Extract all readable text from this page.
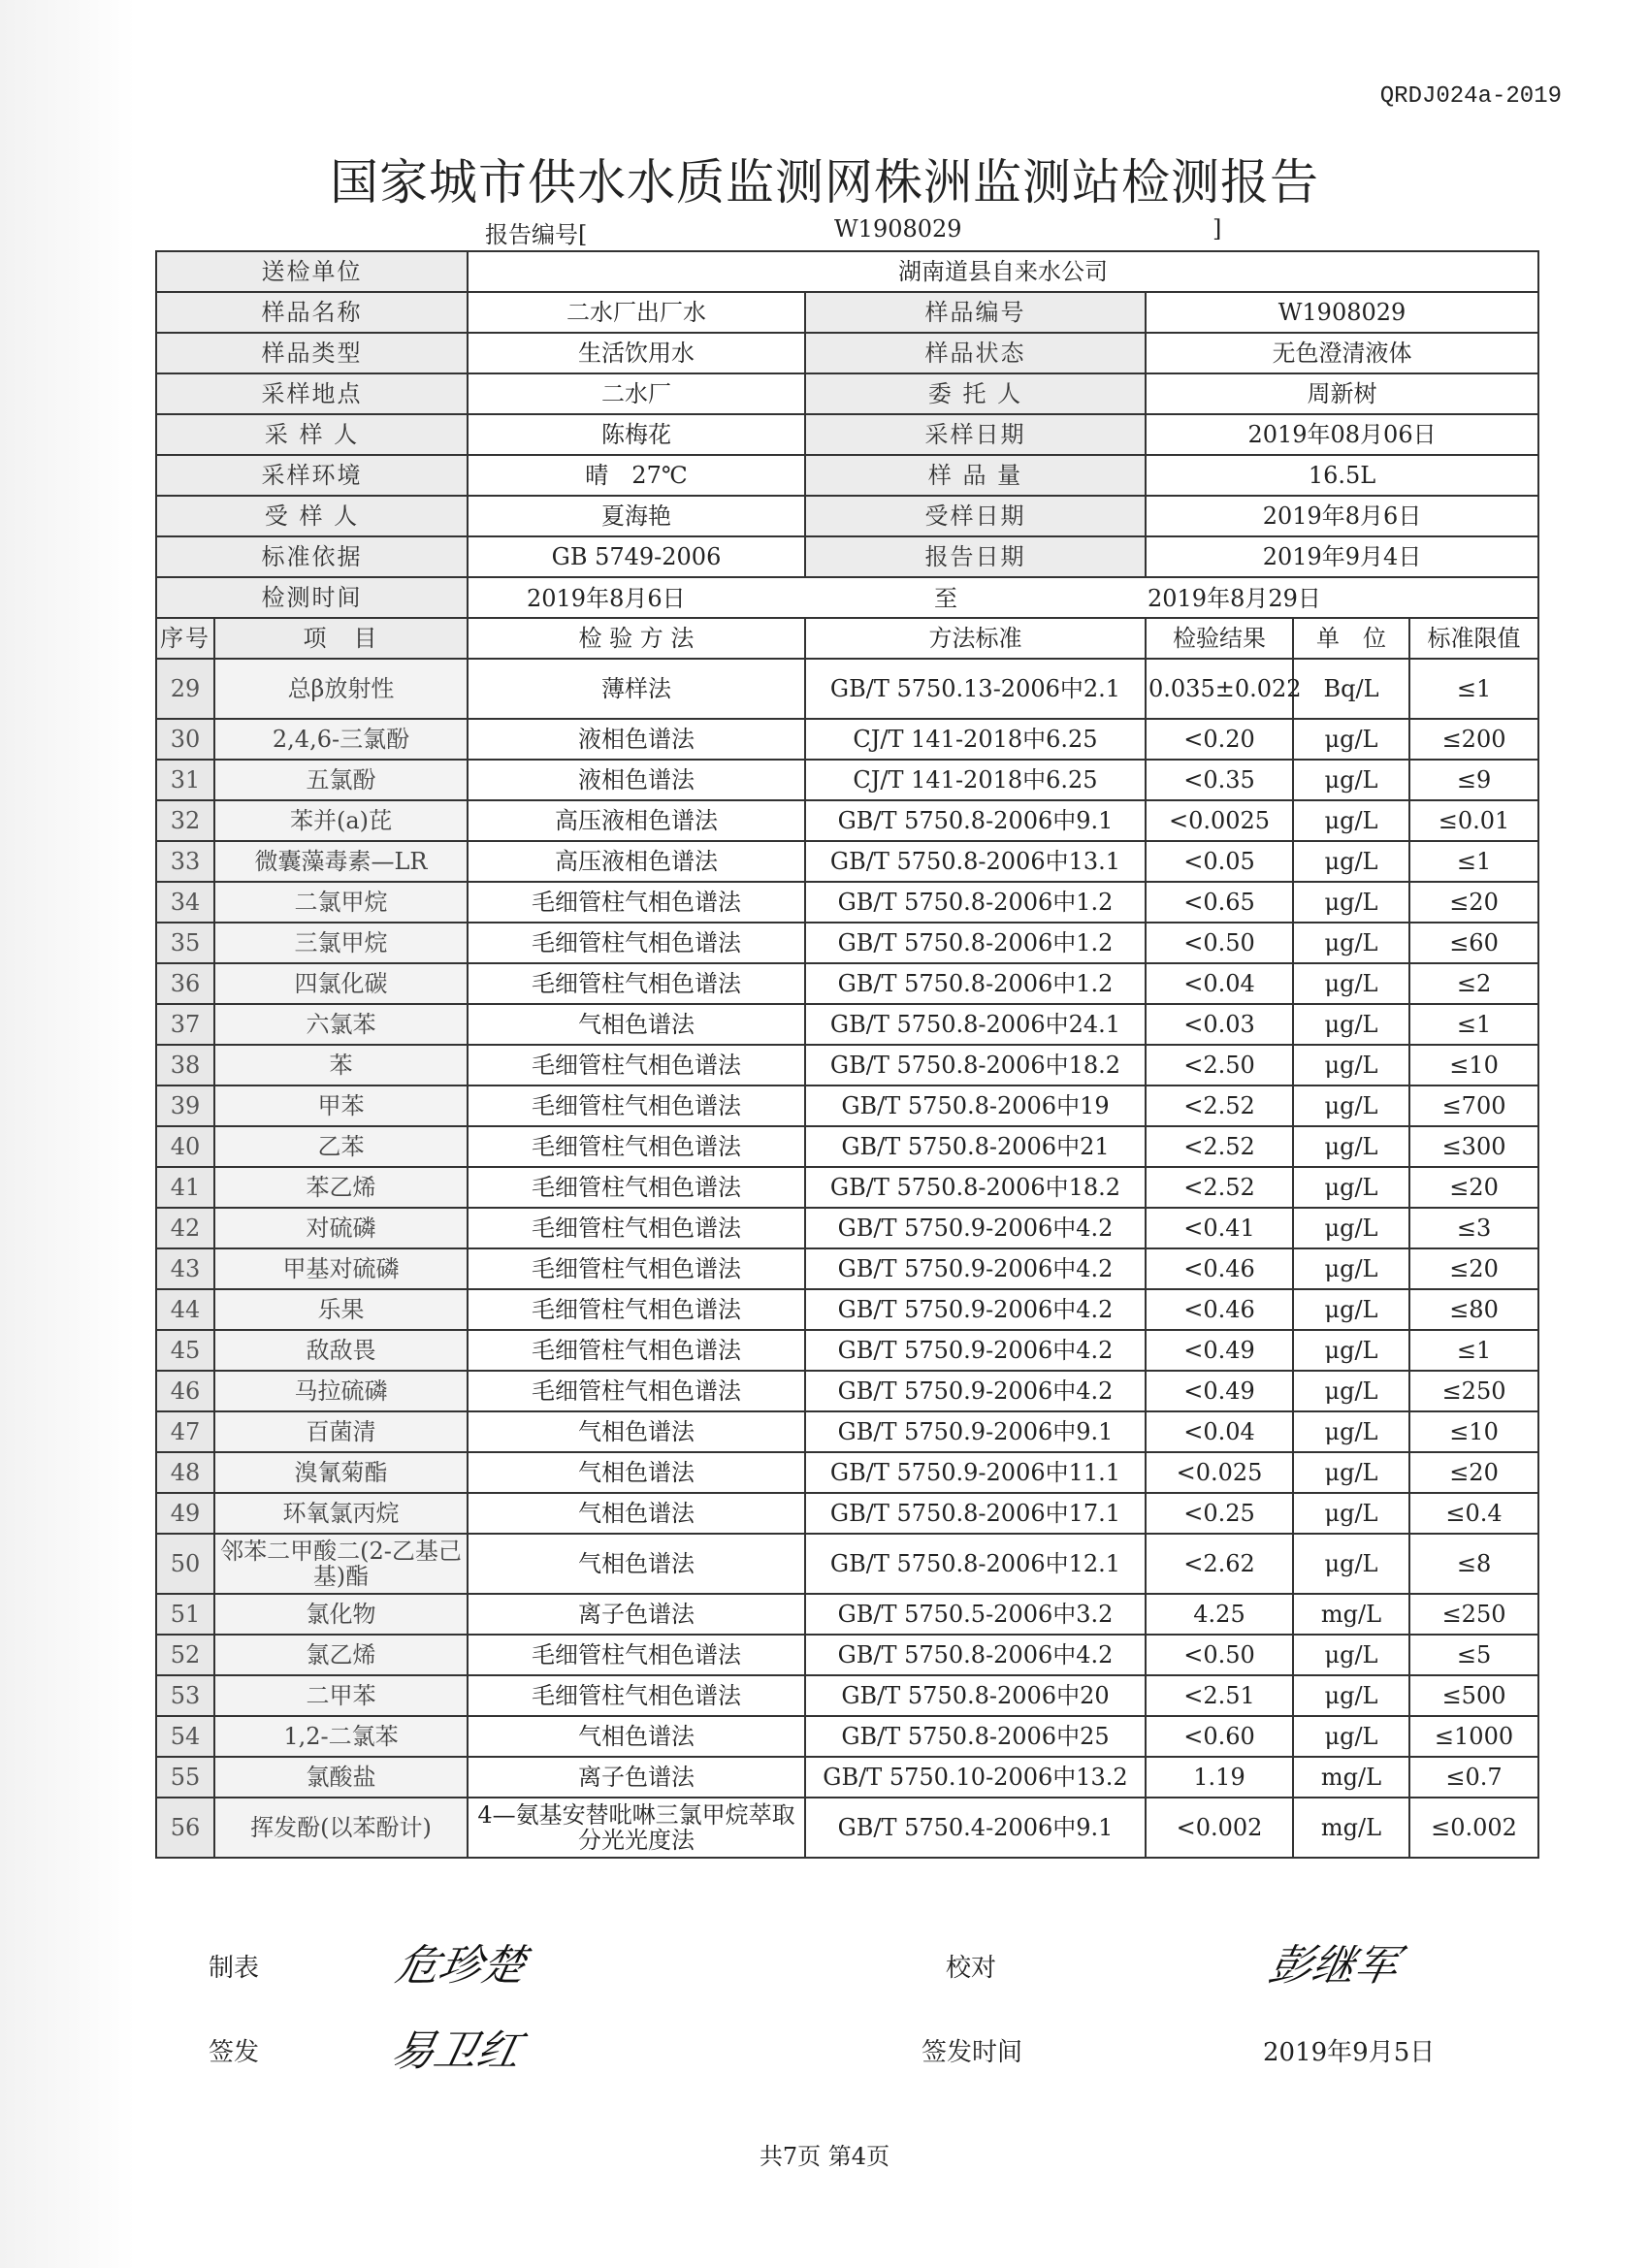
QRDJ024a-2019
国家城市供水水质监测网株洲监测站检测报告
报告编号[	W1908029	]
送检单位		湖南道县自来水公司				
样品名称		二水厂出厂水	样品编号	W1908029		
样品类型		生活饮用水	样品状态	无色澄清液体		
采样地点		二水厂	委 托 人	周新树		
采 样 人		陈梅花	采样日期	2019年08月06日		
采样环境		晴　27℃	样 品 量	16.5L		
受 样 人		夏海艳	受样日期	2019年8月6日		
标准依据		GB 5749-2006	报告日期	2019年9月4日		
检测时间		2019年8月6日 至 2019年8月29日				

序号	项　目	检 验 方 法	方法标准	检验结果	单　位	标准限值
29	总β放射性	薄样法	GB/T 5750.13-2006中2.1	0.035±0.022	Bq/L	≤1
30	2,4,6-三氯酚	液相色谱法	CJ/T 141-2018中6.25	<0.20	μg/L	≤200
31	五氯酚	液相色谱法	CJ/T 141-2018中6.25	<0.35	μg/L	≤9
32	苯并(a)芘	高压液相色谱法	GB/T 5750.8-2006中9.1	<0.0025	μg/L	≤0.01
33	微囊藻毒素—LR	高压液相色谱法	GB/T 5750.8-2006中13.1	<0.05	μg/L	≤1
34	二氯甲烷	毛细管柱气相色谱法	GB/T 5750.8-2006中1.2	<0.65	μg/L	≤20
35	三氯甲烷	毛细管柱气相色谱法	GB/T 5750.8-2006中1.2	<0.50	μg/L	≤60
36	四氯化碳	毛细管柱气相色谱法	GB/T 5750.8-2006中1.2	<0.04	μg/L	≤2
37	六氯苯	气相色谱法	GB/T 5750.8-2006中24.1	<0.03	μg/L	≤1
38	苯	毛细管柱气相色谱法	GB/T 5750.8-2006中18.2	<2.50	μg/L	≤10
39	甲苯	毛细管柱气相色谱法	GB/T 5750.8-2006中19	<2.52	μg/L	≤700
40	乙苯	毛细管柱气相色谱法	GB/T 5750.8-2006中21	<2.52	μg/L	≤300
41	苯乙烯	毛细管柱气相色谱法	GB/T 5750.8-2006中18.2	<2.52	μg/L	≤20
42	对硫磷	毛细管柱气相色谱法	GB/T 5750.9-2006中4.2	<0.41	μg/L	≤3
43	甲基对硫磷	毛细管柱气相色谱法	GB/T 5750.9-2006中4.2	<0.46	μg/L	≤20
44	乐果	毛细管柱气相色谱法	GB/T 5750.9-2006中4.2	<0.46	μg/L	≤80
45	敌敌畏	毛细管柱气相色谱法	GB/T 5750.9-2006中4.2	<0.49	μg/L	≤1
46	马拉硫磷	毛细管柱气相色谱法	GB/T 5750.9-2006中4.2	<0.49	μg/L	≤250
47	百菌清	气相色谱法	GB/T 5750.9-2006中9.1	<0.04	μg/L	≤10
48	溴氰菊酯	气相色谱法	GB/T 5750.9-2006中11.1	<0.025	μg/L	≤20
49	环氧氯丙烷	气相色谱法	GB/T 5750.8-2006中17.1	<0.25	μg/L	≤0.4
50	邻苯二甲酸二(2-乙基己基)酯	气相色谱法	GB/T 5750.8-2006中12.1	<2.62	μg/L	≤8
51	氯化物	离子色谱法	GB/T 5750.5-2006中3.2	4.25	mg/L	≤250
52	氯乙烯	毛细管柱气相色谱法	GB/T 5750.8-2006中4.2	<0.50	μg/L	≤5
53	二甲苯	毛细管柱气相色谱法	GB/T 5750.8-2006中20	<2.51	μg/L	≤500
54	1,2-二氯苯	气相色谱法	GB/T 5750.8-2006中25	<0.60	μg/L	≤1000
55	氯酸盐	离子色谱法	GB/T 5750.10-2006中13.2	1.19	mg/L	≤0.7
56	挥发酚(以苯酚计)	4—氨基安替吡啉三氯甲烷萃取分光光度法	GB/T 5750.4-2006中9.1	<0.002	mg/L	≤0.002
制表	危珍楚	校对	彭继军
签发	易卫红	签发时间	2019年9月5日
共7页 第4页
